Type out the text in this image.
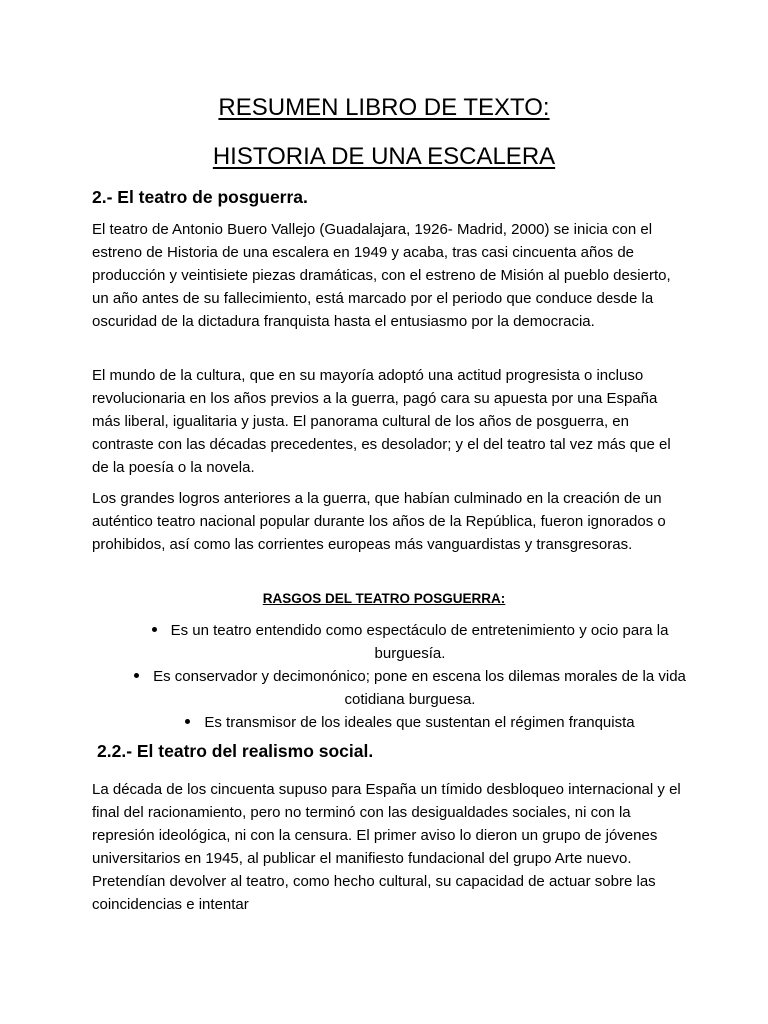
RESUMEN LIBRO DE TEXTO:
HISTORIA DE UNA ESCALERA
2.- El teatro de posguerra.

El teatro de Antonio Buero Vallejo (Guadalajara, 1926- Madrid, 2000) se inicia con el estreno de Historia de una escalera en 1949 y acaba, tras casi cincuenta años de producción y veintisiete piezas dramáticas, con el estreno de Misión al pueblo desierto, un año antes de su fallecimiento, está marcado por el periodo que conduce desde la oscuridad de la dictadura franquista hasta el entusiasmo por la democracia.

El mundo de la cultura, que en su mayoría adoptó una actitud progresista o incluso revolucionaria en los años previos a la guerra, pagó cara su apuesta por una España más liberal, igualitaria y justa. El panorama cultural de los años de posguerra, en contraste con las décadas precedentes, es desolador; y el del teatro tal vez más que el de la poesía o la novela.

Los grandes logros anteriores a la guerra, que habían culminado en la creación de un auténtico teatro nacional popular durante los años de la República, fueron ignorados o prohibidos, así como las corrientes europeas más vanguardistas y transgresoras.

RASGOS DEL TEATRO POSGUERRA:

Es un teatro entendido como espectáculo de entretenimiento y ocio para la burguesía.
Es conservador y decimonónico; pone en escena los dilemas morales de la vida cotidiana burguesa.
Es transmisor de los ideales que sustentan el régimen franquista
2.2.- El teatro del realismo social.

La década de los cincuenta supuso para España un tímido desbloqueo internacional y el final del racionamiento, pero no terminó con las desigualdades sociales, ni con la represión ideológica, ni con la censura. El primer aviso lo dieron un grupo de jóvenes universitarios en 1945, al publicar el manifiesto fundacional del grupo Arte nuevo. Pretendían devolver al teatro, como hecho cultural, su capacidad de actuar sobre las coincidencias e intentar
